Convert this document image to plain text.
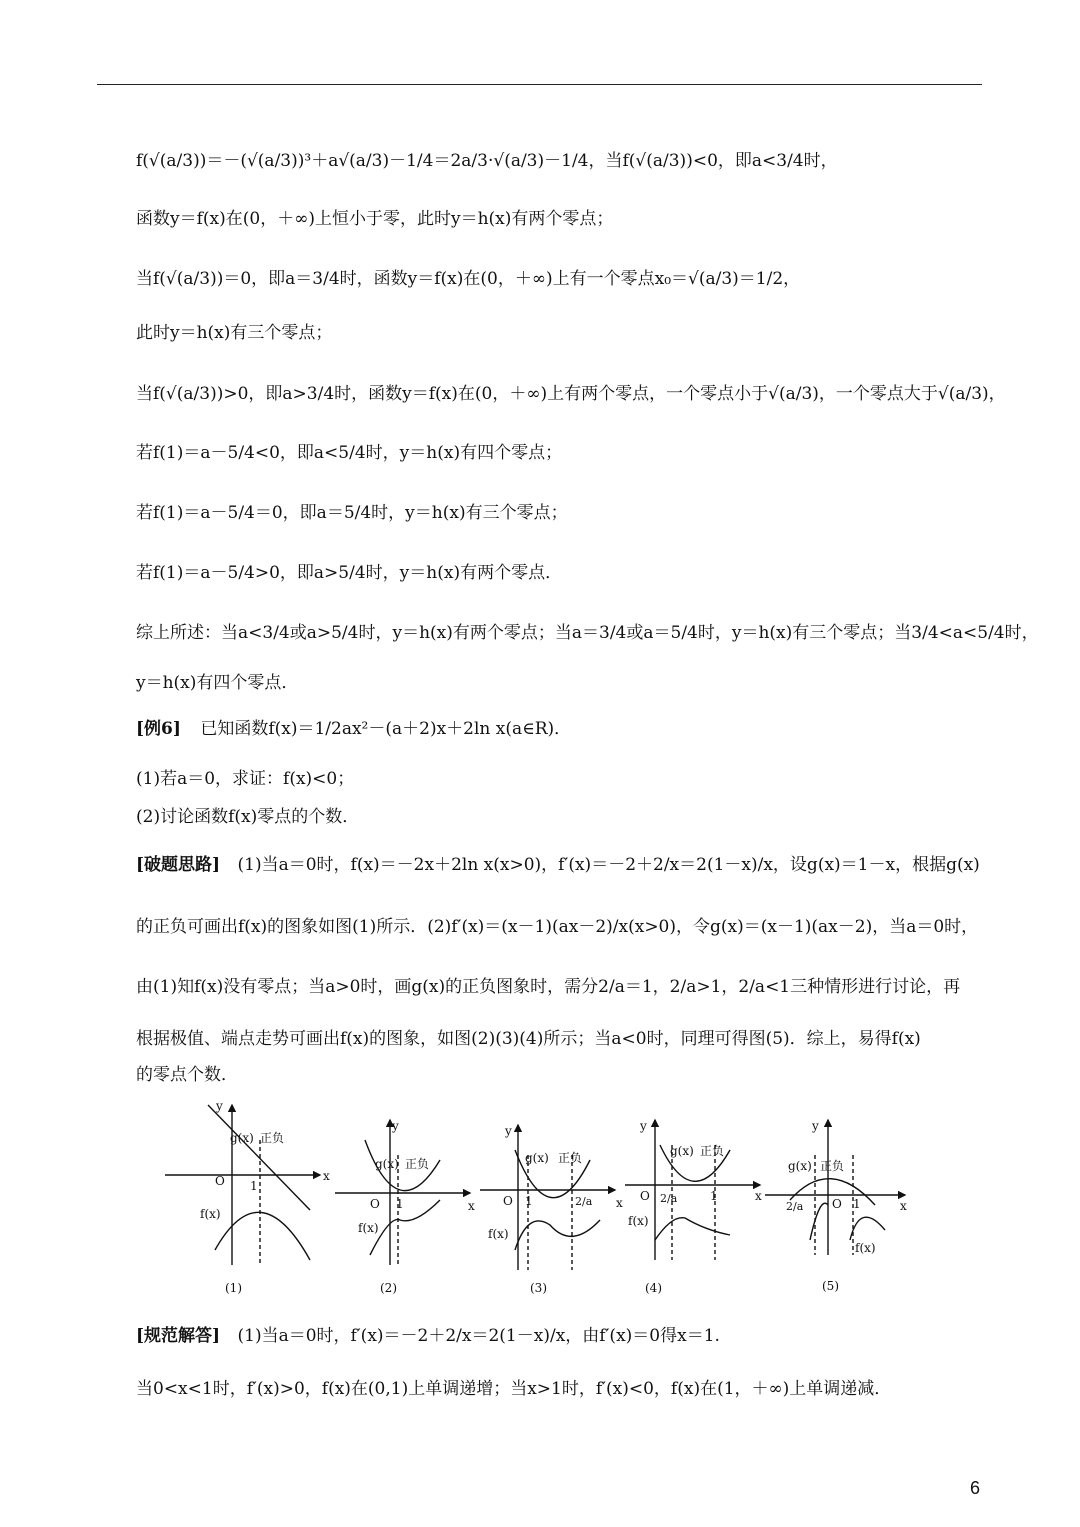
f(√(a/3))＝－(√(a/3))³＋a√(a/3)－1/4＝2a/3·√(a/3)－1/4，当f(√(a/3))<0，即a<3/4时，
函数y＝f(x)在(0，＋∞)上恒小于零，此时y＝h(x)有两个零点；
当f(√(a/3))＝0，即a＝3/4时，函数y＝f(x)在(0，＋∞)上有一个零点x₀＝√(a/3)＝1/2，
此时y＝h(x)有三个零点；
当f(√(a/3))>0，即a>3/4时，函数y＝f(x)在(0，＋∞)上有两个零点，一个零点小于√(a/3)，一个零点大于√(a/3)，
若f(1)＝a－5/4<0，即a<5/4时，y＝h(x)有四个零点；
若f(1)＝a－5/4＝0，即a＝5/4时，y＝h(x)有三个零点；
若f(1)＝a－5/4>0，即a>5/4时，y＝h(x)有两个零点．
综上所述：当a<3/4或a>5/4时，y＝h(x)有两个零点；当a＝3/4或a＝5/4时，y＝h(x)有三个零点；当3/4<a<5/4时，
y＝h(x)有四个零点．
[例6] 已知函数f(x)＝1/2ax²－(a＋2)x＋2ln x(a∈R)．
(1)若a＝0，求证：f(x)<0；
(2)讨论函数f(x)零点的个数．
[破题思路] (1)当a＝0时，f(x)＝－2x＋2ln x(x>0)，f′(x)＝－2＋2/x＝2(1－x)/x，设g(x)＝1－x，根据g(x)
的正负可画出f(x)的图象如图(1)所示．(2)f′(x)＝(x－1)(ax－2)/x(x>0)，令g(x)＝(x－1)(ax－2)，当a＝0时，
由(1)知f(x)没有零点；当a>0时，画g(x)的正负图象时，需分2/a＝1，2/a>1，2/a<1三种情形进行讨论，再
根据极值、端点走势可画出f(x)的图象，如图(2)(3)(4)所示；当a<0时，同理可得图(5)．综上，易得f(x)
的零点个数．
y
x
O 1
g(x) 正负
f(x)
(1)
y
x
O 1
g(x) 正负
f(x)
(2)
y
x
O 1	2/a
g(x) 正负
f(x)
(3)
y
x
O	1
2/a
g(x) 正负
f(x)
(4)
y
x
O 1
2/a
g(x) 正负
f(x)
(5)
[规范解答] (1)当a＝0时，f′(x)＝－2＋2/x＝2(1－x)/x，由f′(x)＝0得x＝1.
当0<x<1时，f′(x)>0，f(x)在(0,1)上单调递增；当x>1时，f′(x)<0，f(x)在(1，＋∞)上单调递减．
6
